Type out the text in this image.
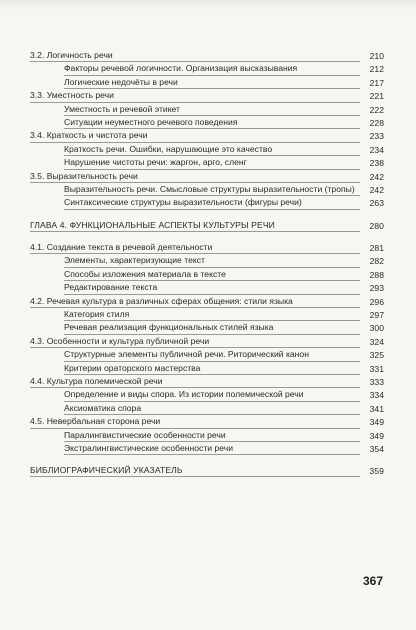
3.2. Логичность речи	210
Факторы речевой логичности. Организация высказывания	212
Логические недочёты в речи	217
3.3. Уместность речи	221
Уместность и речевой этикет	222
Ситуации неуместного речевого поведения	228
3.4. Краткость и чистота речи	233
Краткость речи. Ошибки, нарушающие это качество	234
Нарушение чистоты речи: жаргон, арго, сленг	238
3.5. Выразительность речи	242
Выразительность речи. Смысловые структуры выразительности (тропы)	242
Синтаксические структуры выразительности (фигуры речи)	263
ГЛАВА 4. ФУНКЦИОНАЛЬНЫЕ АСПЕКТЫ КУЛЬТУРЫ РЕЧИ	280
4.1. Создание текста в речевой деятельности	281
Элементы, характеризующие текст	282
Способы изложения материала в тексте	288
Редактирование текста	293
4.2. Речевая культура в различных сферах общения: стили языка	296
Категория стиля	297
Речевая реализация функциональных стилей языка	300
4.3. Особенности и культура публичной речи	324
Структурные элементы публичной речи. Риторический канон	325
Критерии ораторского мастерства	331
4.4. Культура полемической речи	333
Определение и виды спора. Из истории полемической речи	334
Аксиоматика спора	341
4.5. Невербальная сторона речи	349
Паралингвистические особенности речи	349
Экстралингвистические особенности речи	354
БИБЛИОГРАФИЧЕСКИЙ УКАЗАТЕЛЬ	359
367
